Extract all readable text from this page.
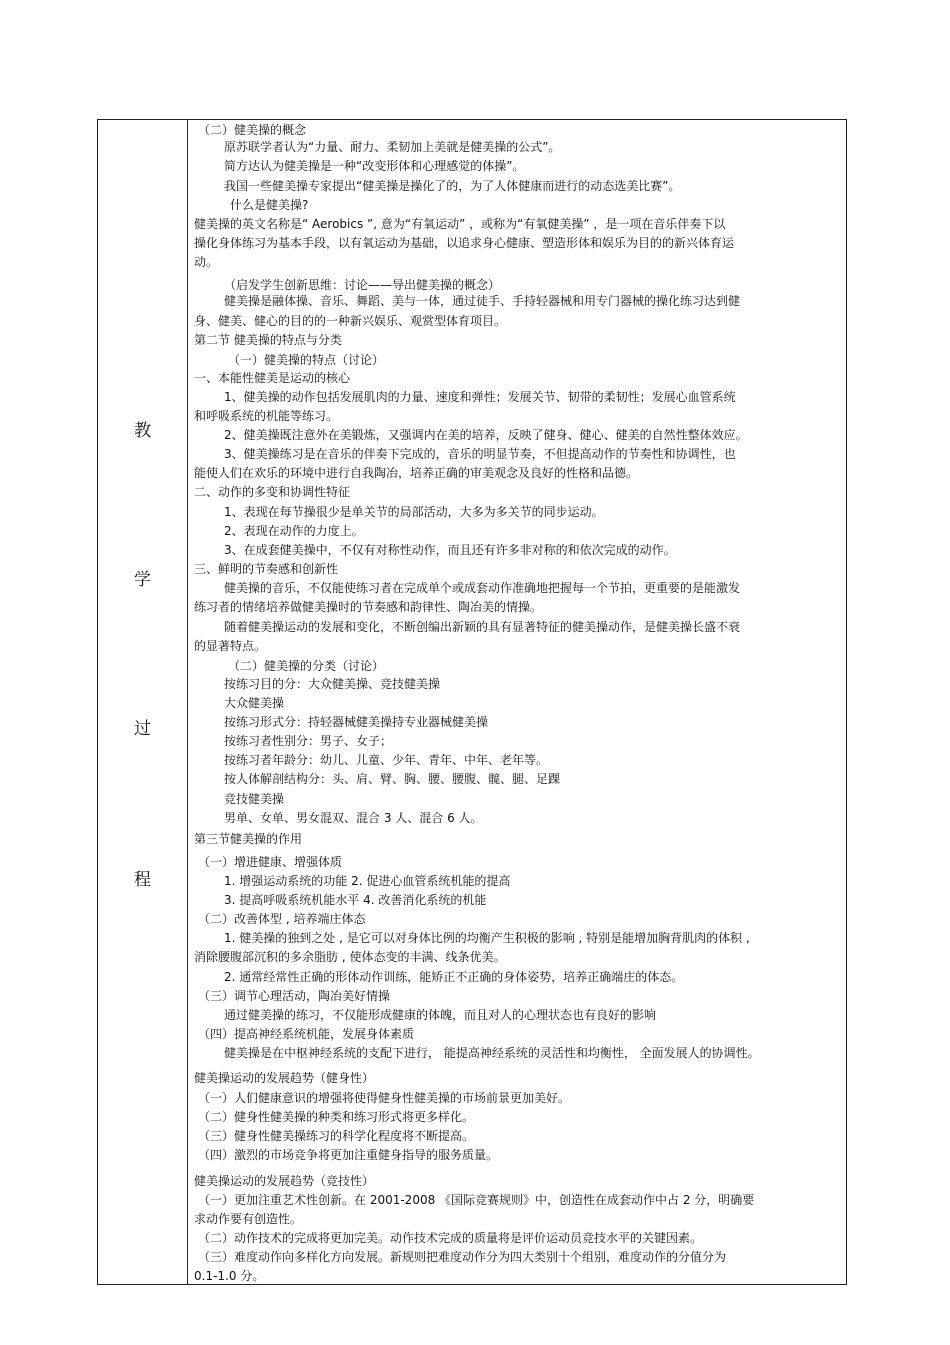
教
学
过
程
（二）健美操的概念
原苏联学者认为“力量、耐力、柔韧加上美就是健美操的公式”。
简方达认为健美操是一种“改变形体和心理感觉的体操”。
我国一些健美操专家提出“健美操是操化了的，为了人体健康而进行的动态选美比赛”。
什么是健美操?
健美操的英文名称是“ Aerobics ”, 意为“有氧运动” ，或称为“有氧健美操” ，是一项在音乐伴奏下以
操化身体练习为基本手段，以有氧运动为基础，以追求身心健康、塑造形体和娱乐为目的的新兴体育运
动。
（启发学生创新思维：讨论——导出健美操的概念）
健美操是融体操、音乐、舞蹈、美与一体，通过徒手、手持轻器械和用专门器械的操化练习达到健
身、健美、健心的目的的一种新兴娱乐、观赏型体育项目。
第二节 健美操的特点与分类
（一）健美操的特点（讨论）
一、本能性健美是运动的核心
1、健美操的动作包括发展肌肉的力量、速度和弹性；发展关节、韧带的柔韧性；发展心血管系统
和呼吸系统的机能等练习。
2、健美操既注意外在美锻炼，又强调内在美的培养，反映了健身、健心、健美的自然性整体效应。
3、健美操练习是在音乐的伴奏下完成的，音乐的明显节奏，不但提高动作的节奏性和协调性，也
能使人们在欢乐的环境中进行自我陶冶，培养正确的审美观念及良好的性格和品德。
二、动作的多变和协调性特征
1、表现在每节操很少是单关节的局部活动，大多为多关节的同步运动。
2、表现在动作的力度上。
3、在成套健美操中，不仅有对称性动作，而且还有许多非对称的和依次完成的动作。
三、鲜明的节奏感和创新性
健美操的音乐，不仅能使练习者在完成单个或成套动作准确地把握每一个节拍，更重要的是能激发
练习者的情绪培养做健美操时的节奏感和韵律性、陶冶美的情操。
随着健美操运动的发展和变化，不断创编出新颖的具有显著特征的健美操动作，是健美操长盛不衰
的显著特点。
（二）健美操的分类（讨论）
按练习目的分：大众健美操、竞技健美操
大众健美操
按练习形式分：持轻器械健美操持专业器械健美操
按练习者性别分：男子、女子；
按练习者年龄分：幼儿、儿童、少年、青年、中年、老年等。
按人体解剖结构分：头、肩、臂、胸、腰、腰腹、髋、腿、足踝
竞技健美操
男单、女单、男女混双、混合 3 人、混合 6 人。
第三节健美操的作用
（一）增进健康、增强体质
1. 增强运动系统的功能 2. 促进心血管系统机能的提高
3. 提高呼吸系统机能水平 4. 改善消化系统的机能
（二）改善体型 , 培养端庄体态
1. 健美操的独到之处 , 是它可以对身体比例的均衡产生积极的影响 , 特别是能增加胸背肌肉的体积 ,
消除腰腹部沉积的多余脂肪 , 使体态变的丰满、线条优美。
2. 通常经常性正确的形体动作训练，能矫正不正确的身体姿势，培养正确端庄的体态。
（三）调节心理活动，陶冶美好情操
通过健美操的练习，不仅能形成健康的体魄，而且对人的心理状态也有良好的影响
（四）提高神经系统机能，发展身体素质
健美操是在中枢神经系统的支配下进行， 能提高神经系统的灵活性和均衡性， 全面发展人的协调性。
健美操运动的发展趋势（健身性）
（一）人们健康意识的增强将使得健身性健美操的市场前景更加美好。
（二）健身性健美操的种类和练习形式将更多样化。
（三）健身性健美操练习的科学化程度将不断提高。
（四）激烈的市场竞争将更加注重健身指导的服务质量。
健美操运动的发展趋势（竞技性）
（一）更加注重艺术性创新。在 2001-2008 《国际竞赛规则》中，创造性在成套动作中占 2 分，明确要
求动作要有创造性。
（二）动作技术的完成将更加完美。动作技术完成的质量将是评价运动员竞技水平的关键因素。
（三）难度动作向多样化方向发展。新规则把难度动作分为四大类别十个组别，难度动作的分值分为
0.1-1.0 分。
